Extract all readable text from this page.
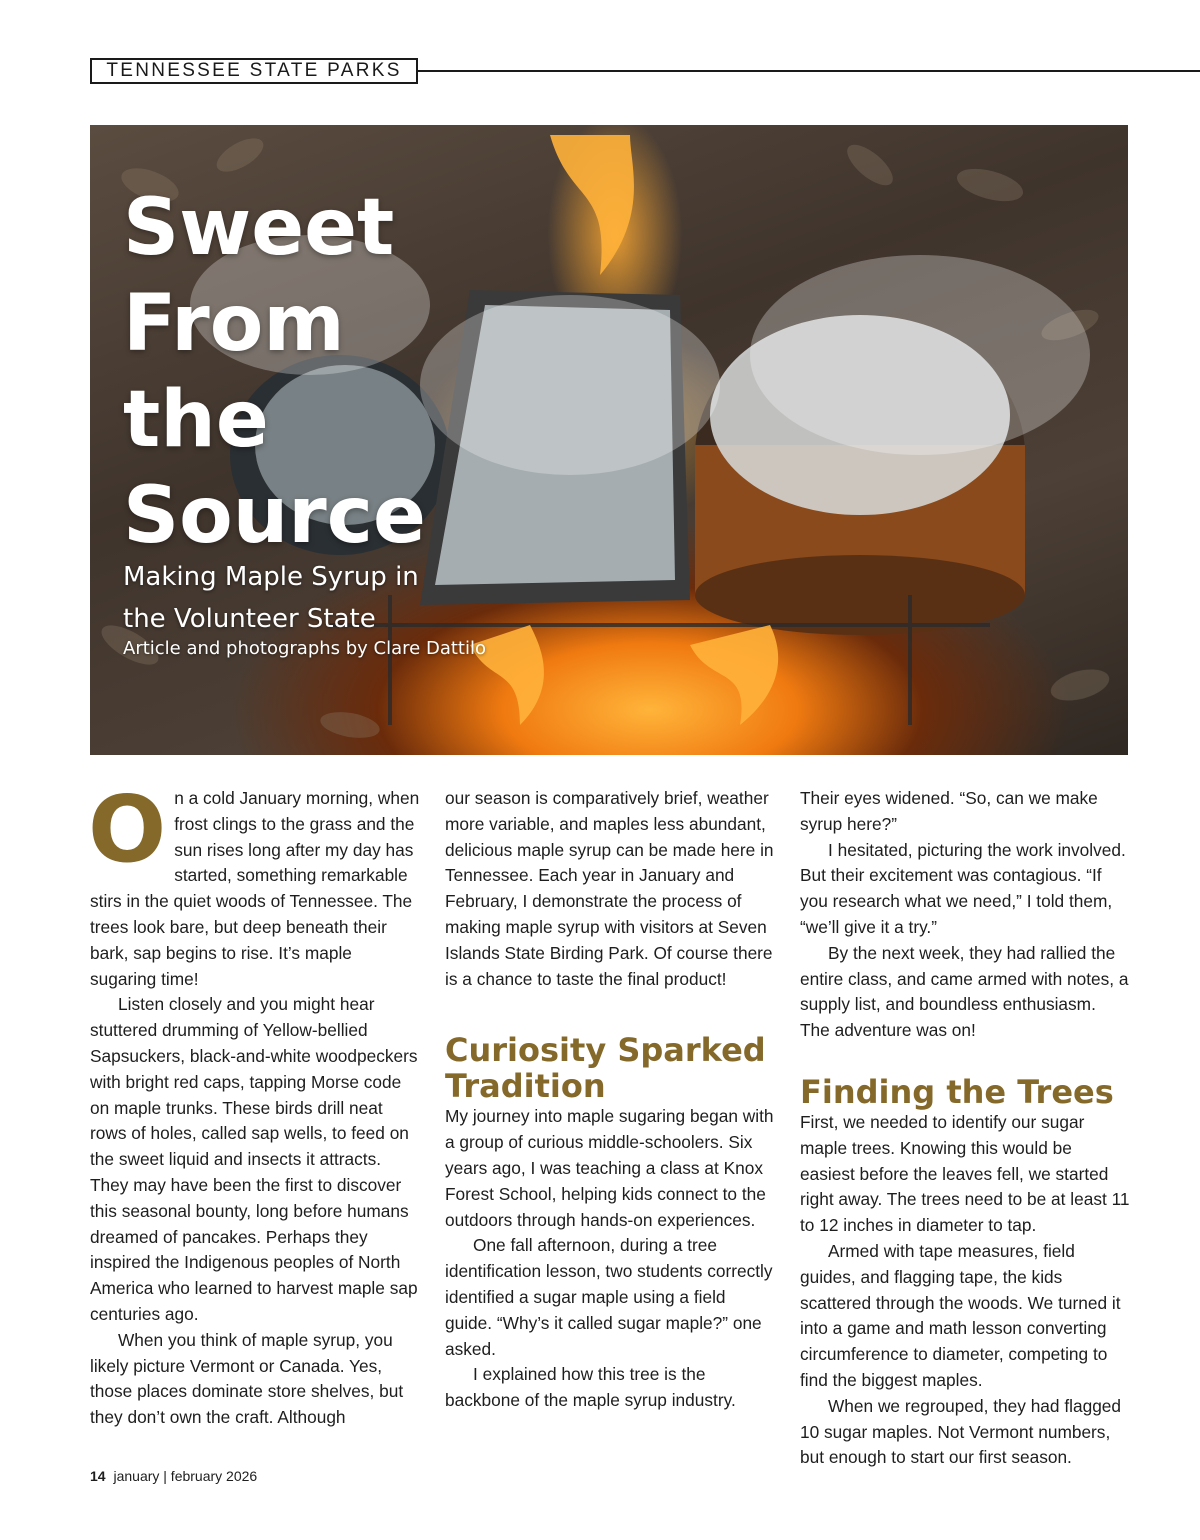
TENNESSEE STATE PARKS
Sweet
From
the
Source

Making Maple Syrup in
the Volunteer State

Article and photographs by Clare Dattilo

On a cold January morning, when frost clings to the grass and the sun rises long after my day has started, something remarkable stirs in the quiet woods of Tennessee. The trees look bare, but deep beneath their bark, sap begins to rise. It’s maple sugaring time!

Listen closely and you might hear stuttered drumming of Yellow-bellied Sapsuckers, black-and-white woodpeckers with bright red caps, tapping Morse code on maple trunks. These birds drill neat rows of holes, called sap wells, to feed on the sweet liquid and insects it attracts. They may have been the first to discover this seasonal bounty, long before humans dreamed of pancakes. Perhaps they inspired the Indigenous peoples of North America who learned to harvest maple sap centuries ago.

When you think of maple syrup, you likely picture Vermont or Canada. Yes, those places dominate store shelves, but they don’t own the craft. Although

our season is comparatively brief, weather more variable, and maples less abundant, delicious maple syrup can be made here in Tennessee. Each year in January and February, I demonstrate the process of making maple syrup with visitors at Seven Islands State Birding Park. Of course there is a chance to taste the final product!

Curiosity Sparked
Tradition

My journey into maple sugaring began with a group of curious middle-schoolers. Six years ago, I was teaching a class at Knox Forest School, helping kids connect to the outdoors through hands-on experiences.

One fall afternoon, during a tree identification lesson, two students correctly identified a sugar maple using a field guide. “Why’s it called sugar maple?” one asked.

I explained how this tree is the backbone of the maple syrup industry.

Their eyes widened. “So, can we make syrup here?”

I hesitated, picturing the work involved. But their excitement was contagious. “If you research what we need,” I told them, “we’ll give it a try.”

By the next week, they had rallied the entire class, and came armed with notes, a supply list, and boundless enthusiasm. The adventure was on!

Finding the Trees

First, we needed to identify our sugar maple trees. Knowing this would be easiest before the leaves fell, we started right away. The trees need to be at least 11 to 12 inches in diameter to tap.

Armed with tape measures, field guides, and flagging tape, the kids scattered through the woods. We turned it into a game and math lesson converting circumference to diameter, competing to find the biggest maples.

When we regrouped, they had flagged 10 sugar maples. Not Vermont numbers, but enough to start our first season.

14 january | february 2026
